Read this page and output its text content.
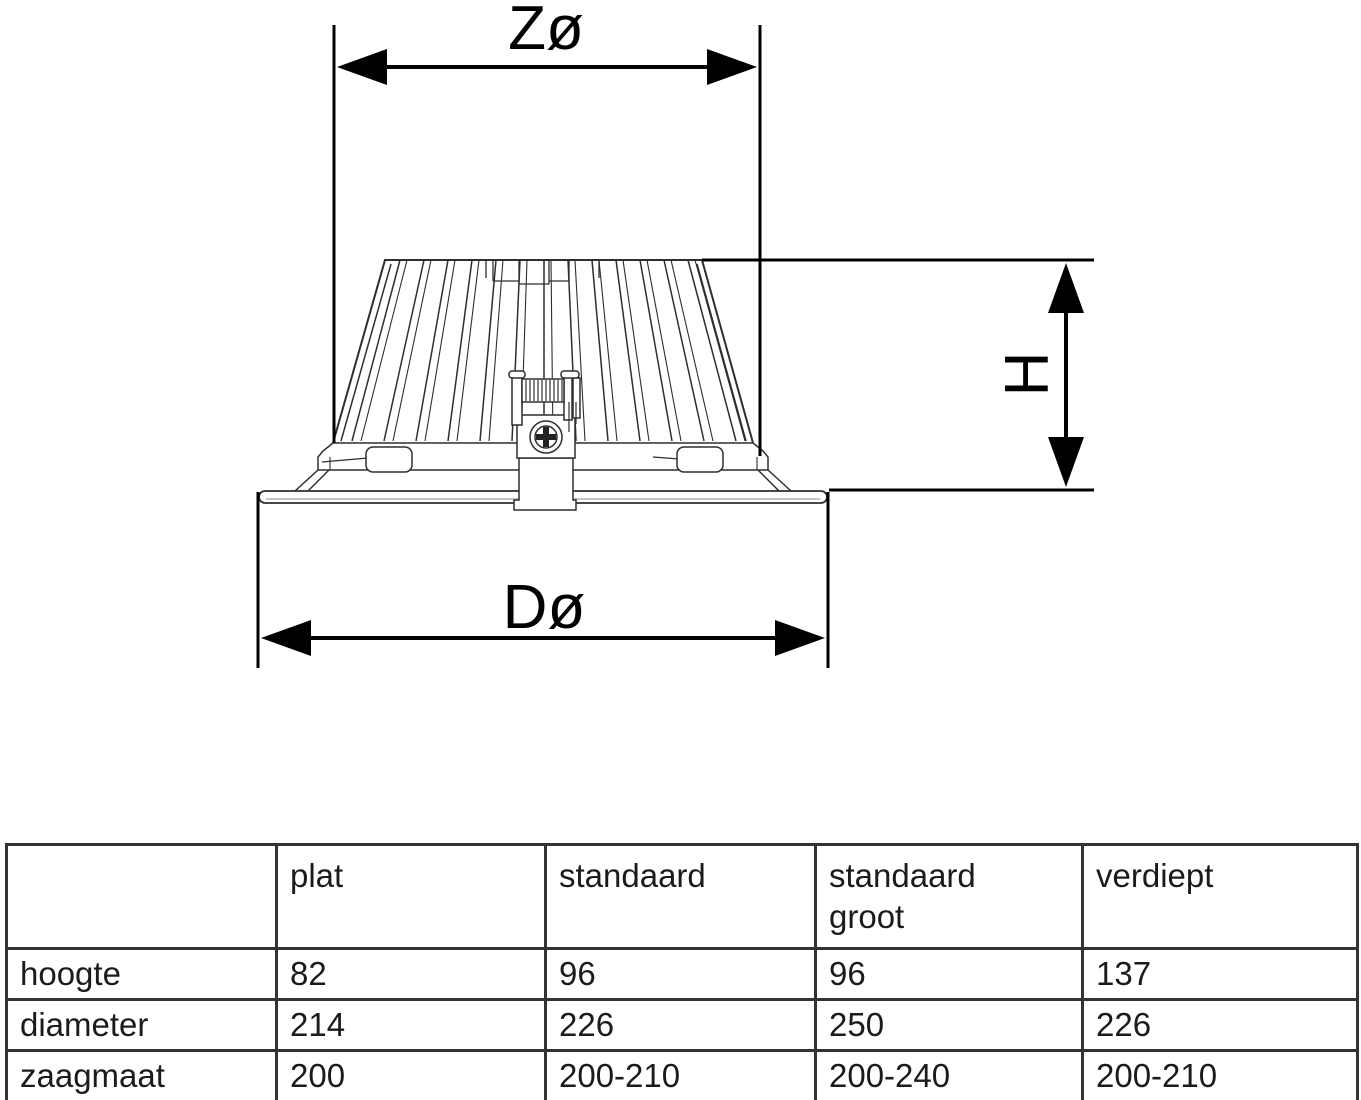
Zø
H
Dø
	plat	standaard	standaard groot	verdiept
hoogte	82	96	96	137
diameter	214	226	250	226
zaagmaat	200	200-210	200-240	200-210
